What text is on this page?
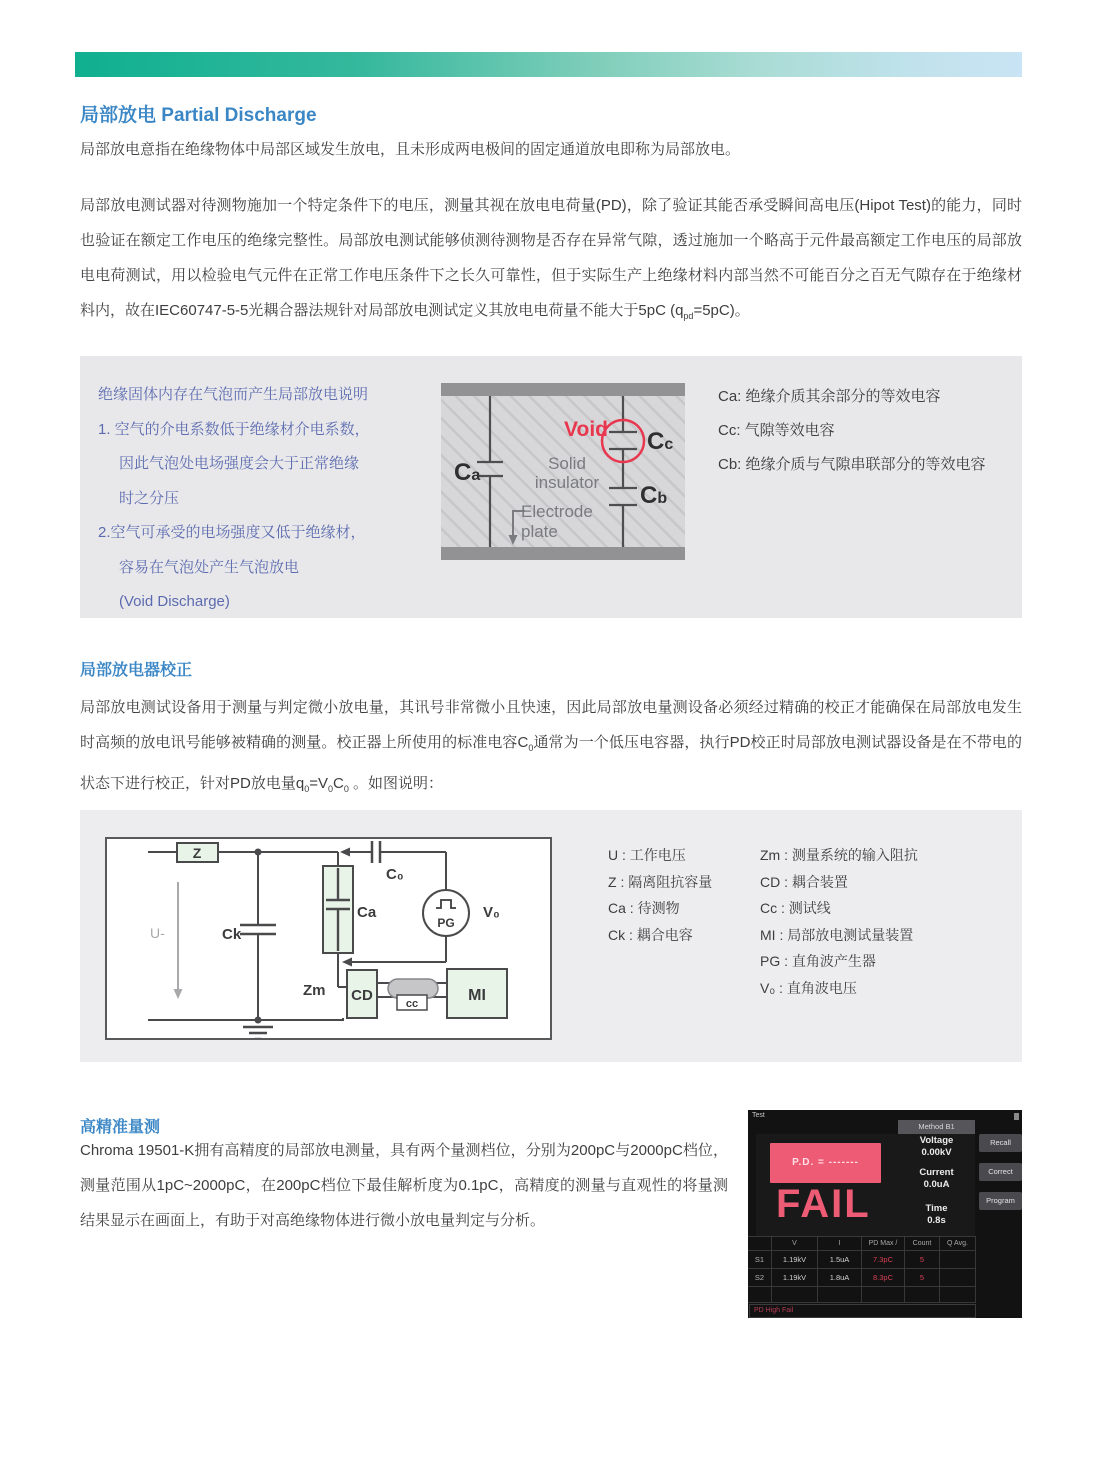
局部放电 Partial Discharge

局部放电意指在绝缘物体中局部区域发生放电，且未形成两电极间的固定通道放电即称为局部放电。

局部放电测试器对待测物施加一个特定条件下的电压，测量其视在放电电荷量(PD)，除了验证其能否承受瞬间高电压(Hipot Test)的能力，同时也验证在额定工作电压的绝缘完整性。局部放电测试能够侦测待测物是否存在异常气隙，透过施加一个略高于元件最高额定工作电压的局部放电电荷测试，用以检验电气元件在正常工作电压条件下之长久可靠性，但于实际生产上绝缘材料内部当然不可能百分之百无气隙存在于绝缘材料内，故在IEC60747-5-5光耦合器法规针对局部放电测试定义其放电电荷量不能大于5pC $(q_{pd}=5pC)$。

绝缘固体内存在气泡而产生局部放电说明
1. 空气的介电系数低于绝缘材介电系数，
因此气泡处电场强度会大于正常绝缘
时之分压
2.空气可承受的电场强度又低于绝缘材，
容易在气泡处产生气泡放电
(Void Discharge)
Void
Ca
Cc
Cb
Solid
insulator
Electrode
plate
Ca: 绝缘介质其余部分的等效电容
Cc: 气隙等效电容
Cb: 绝缘介质与气隙串联部分的等效电容
局部放电器校正

局部放电测试设备用于测量与判定微小放电量，其讯号非常微小且快速，因此局部放电量测设备必须经过精确的校正才能确保在局部放电发生时高频的放电讯号能够被精确的测量。校正器上所使用的标准电容$C_0$通常为一个低压电容器，执行PD校正时局部放电测试器设备是在不带电的状态下进行校正，针对PD放电量$q_0=V_0C_0$ 。如图说明：

Z
PG
CD	cc	MI
U-	Ck
Ca
C₀
V₀
Zm
U : 工作电压
Z : 隔离阻抗容量
Ca : 待测物
Ck : 耦合电容
Zm : 测量系统的输入阻抗
CD : 耦合装置
Cc : 测试线
MI : 局部放电测试量装置
PG : 直角波产生器
V₀ : 直角波电压
高精准量测

Chroma 19501-K拥有高精度的局部放电测量，具有两个量测档位，分别为200pC与2000pC档位，测量范围从1pC~2000pC，在200pC档位下最佳解析度为0.1pC，高精度的测量与直观性的将量测结果显示在画面上，有助于对高绝缘物体进行微小放电量判定与分析。

Test
Method B1
P.D. = -------
FAIL
Voltage
0.00kV
Current
0.0uA
Time
0.8s
Recall
Correct
Program
V	I	PD Max /	Count	Q Avg.
S1	1.19kV	1.5uA	7.3pC	5
S2	1.19kV	1.8uA	8.3pC	5
PD High Fail
